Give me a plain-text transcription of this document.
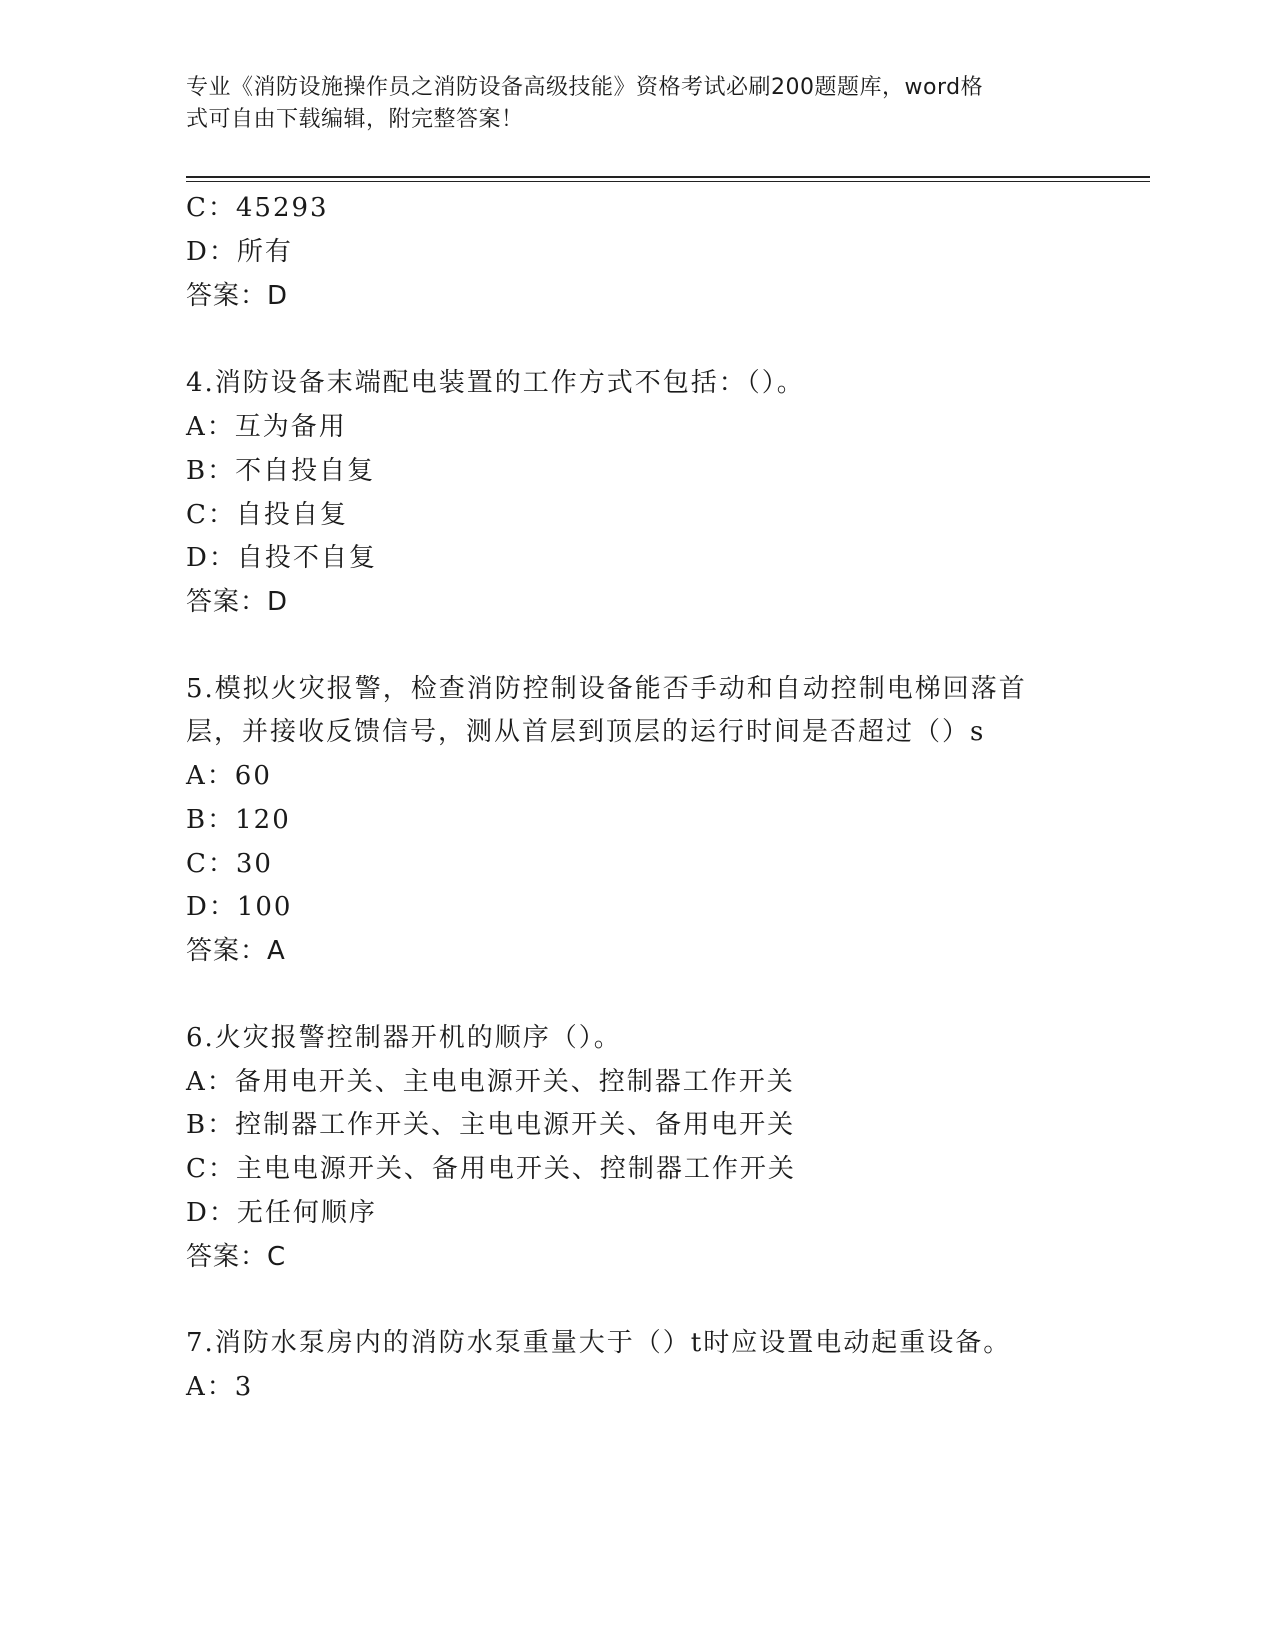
专业《消防设施操作员之消防设备高级技能》资格考试必刷200题题库，word格
式可自由下载编辑，附完整答案！
C：45293
D：所有
答案：D
4.消防设备末端配电装置的工作方式不包括：（）。
A：互为备用
B：不自投自复
C：自投自复
D：自投不自复
答案：D
5.模拟火灾报警，检查消防控制设备能否手动和自动控制电梯回落首
层，并接收反馈信号，测从首层到顶层的运行时间是否超过（）s
A：60
B：120
C：30
D：100
答案：A
6.火灾报警控制器开机的顺序（）。
A：备用电开关、主电电源开关、控制器工作开关
B：控制器工作开关、主电电源开关、备用电开关
C：主电电源开关、备用电开关、控制器工作开关
D：无任何顺序
答案：C
7.消防水泵房内的消防水泵重量大于（）t时应设置电动起重设备。
A：3
